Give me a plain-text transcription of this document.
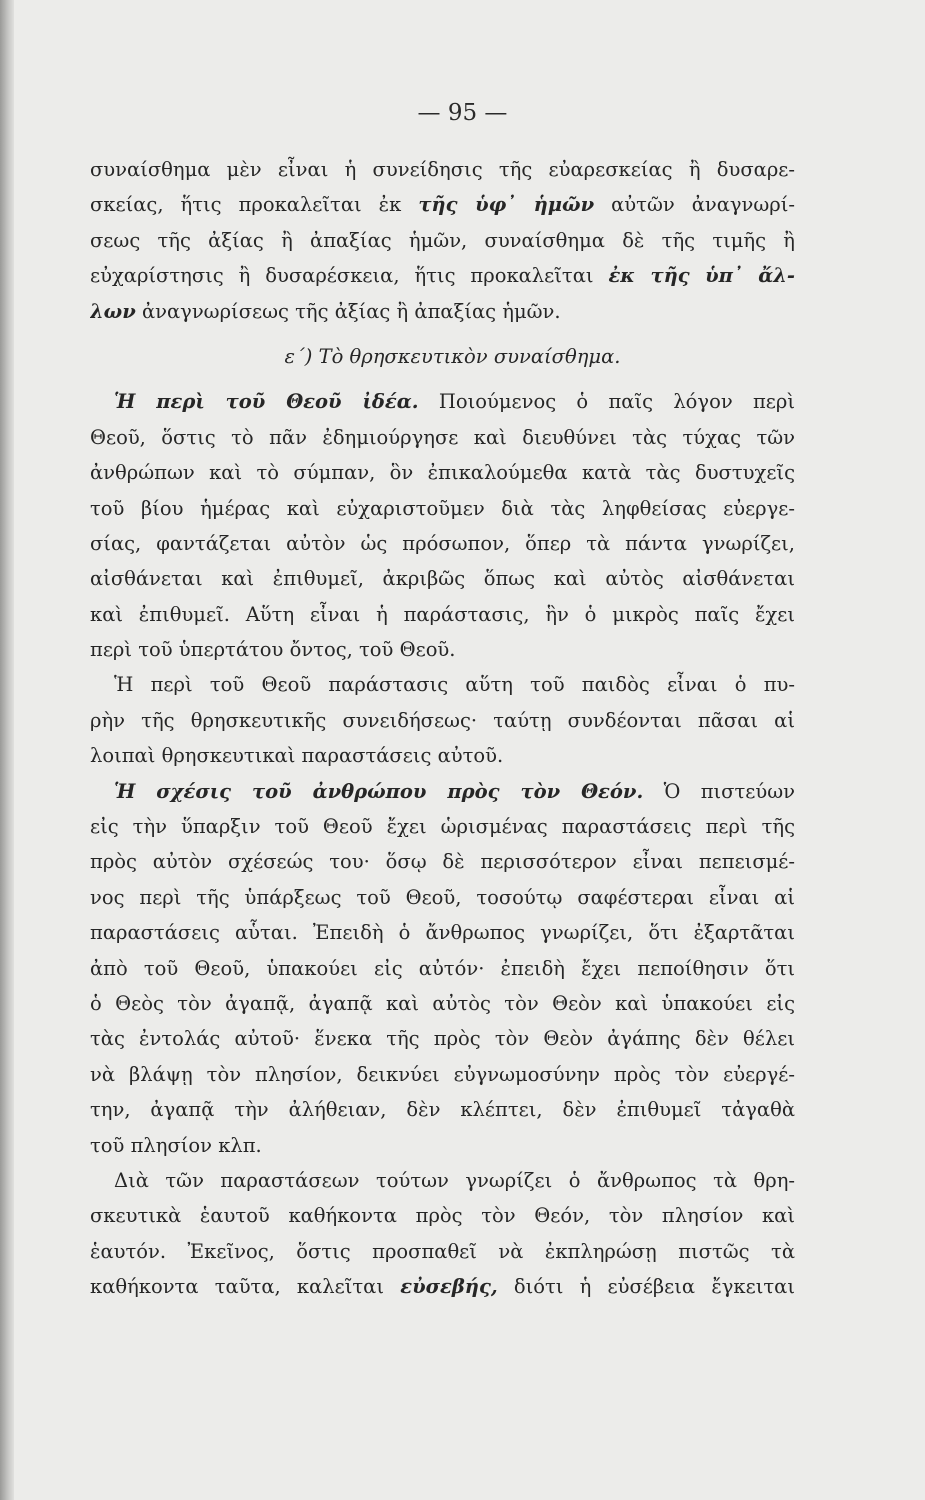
— 95 —
συναίσθημα μὲν εἶναι ἡ συνείδησις τῆς εὐαρεσκείας ἢ δυσαρε-
σκείας, ἥτις προκαλεῖται ἐκ τῆς ὑφ᾽ ἡμῶν αὐτῶν ἀναγνωρί-
σεως τῆς ἀξίας ἢ ἀπαξίας ἡμῶν, συναίσθημα δὲ τῆς τιμῆς ἢ
εὐχαρίστησις ἢ δυσαρέσκεια, ἥτις προκαλεῖται ἐκ τῆς ὑπ᾽ ἄλ-
λων ἀναγνωρίσεως τῆς ἀξίας ἢ ἀπαξίας ἡμῶν.
ε΄) Τὸ θρησκευτικὸν συναίσθημα.
Ἡ περὶ τοῦ Θεοῦ ἰδέα. Ποιούμενος ὁ παῖς λόγον περὶ
Θεοῦ, ὅστις τὸ πᾶν ἐδημιούργησε καὶ διευθύνει τὰς τύχας τῶν
ἀνθρώπων καὶ τὸ σύμπαν, ὃν ἐπικαλούμεθα κατὰ τὰς δυστυχεῖς
τοῦ βίου ἡμέρας καὶ εὐχαριστοῦμεν διὰ τὰς ληφθείσας εὐεργε-
σίας, φαντάζεται αὐτὸν ὡς πρόσωπον, ὅπερ τὰ πάντα γνωρίζει,
αἰσθάνεται καὶ ἐπιθυμεῖ, ἀκριβῶς ὅπως καὶ αὐτὸς αἰσθάνεται
καὶ ἐπιθυμεῖ. Αὕτη εἶναι ἡ παράστασις, ἣν ὁ μικρὸς παῖς ἔχει
περὶ τοῦ ὑπερτάτου ὄντος, τοῦ Θεοῦ.
Ἡ περὶ τοῦ Θεοῦ παράστασις αὕτη τοῦ παιδὸς εἶναι ὁ πυ-
ρὴν τῆς θρησκευτικῆς συνειδήσεως· ταύτῃ συνδέονται πᾶσαι αἱ
λοιπαὶ θρησκευτικαὶ παραστάσεις αὐτοῦ.
Ἡ σχέσις τοῦ ἀνθρώπου πρὸς τὸν Θεόν. Ὁ πιστεύων
εἰς τὴν ὕπαρξιν τοῦ Θεοῦ ἔχει ὡρισμένας παραστάσεις περὶ τῆς
πρὸς αὐτὸν σχέσεώς του· ὅσῳ δὲ περισσότερον εἶναι πεπεισμέ-
νος περὶ τῆς ὑπάρξεως τοῦ Θεοῦ, τοσούτῳ σαφέστεραι εἶναι αἱ
παραστάσεις αὗται. Ἐπειδὴ ὁ ἄνθρωπος γνωρίζει, ὅτι ἐξαρτᾶται
ἀπὸ τοῦ Θεοῦ, ὑπακούει εἰς αὐτόν· ἐπειδὴ ἔχει πεποίθησιν ὅτι
ὁ Θεὸς τὸν ἀγαπᾷ, ἀγαπᾷ καὶ αὐτὸς τὸν Θεὸν καὶ ὑπακούει εἰς
τὰς ἐντολάς αὐτοῦ· ἕνεκα τῆς πρὸς τὸν Θεὸν ἀγάπης δὲν θέλει
νὰ βλάψῃ τὸν πλησίον, δεικνύει εὐγνωμοσύνην πρὸς τὸν εὐεργέ-
την, ἀγαπᾷ τὴν ἀλήθειαν, δὲν κλέπτει, δὲν ἐπιθυμεῖ τἀγαθὰ
τοῦ πλησίον κλπ.
Διὰ τῶν παραστάσεων τούτων γνωρίζει ὁ ἄνθρωπος τὰ θρη-
σκευτικὰ ἑαυτοῦ καθήκοντα πρὸς τὸν Θεόν, τὸν πλησίον καὶ
ἑαυτόν. Ἐκεῖνος, ὅστις προσπαθεῖ νὰ ἐκπληρώσῃ πιστῶς τὰ
καθήκοντα ταῦτα, καλεῖται εὐσεβής, διότι ἡ εὐσέβεια ἔγκειται
